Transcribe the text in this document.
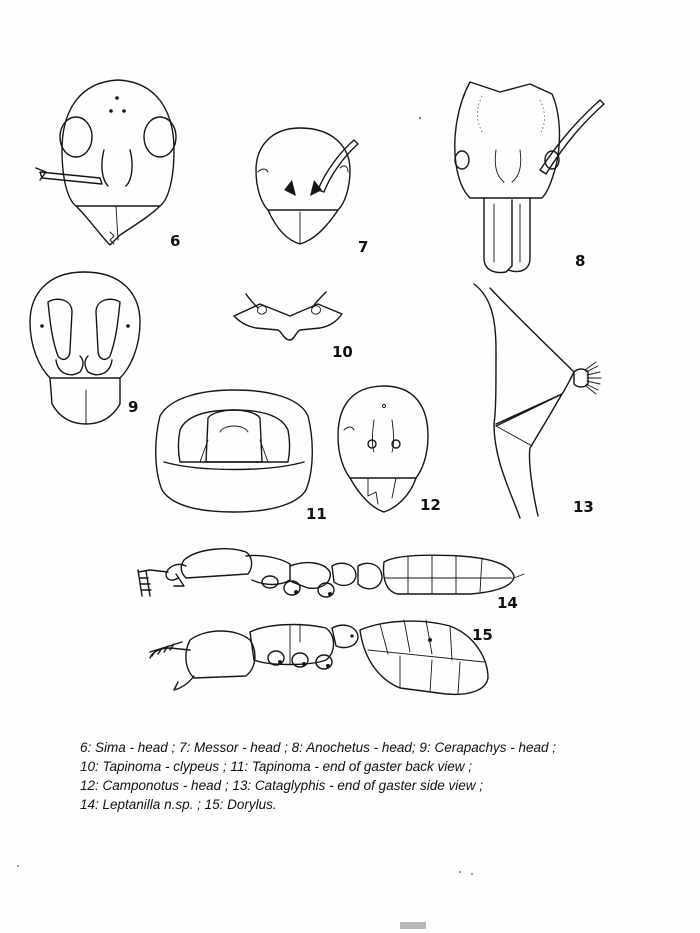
6	7
8
9
10
11	12	13
14
15
6: Sima - head ; 7: Messor - head ; 8: Anochetus - head; 9: Cerapachys - head ;
10: Tapinoma - clypeus ; 11: Tapinoma - end of gaster back view ;
12: Camponotus - head ; 13: Cataglyphis - end of gaster side view ;
14: Leptanilla n.sp. ; 15: Dorylus.
